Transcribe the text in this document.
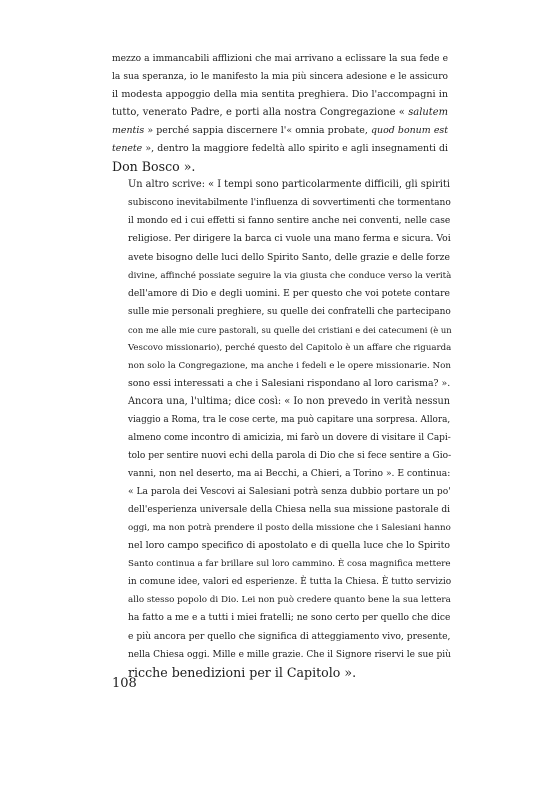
mezzo a immancabili afflizioni che mai arrivano a eclissare la sua fede e
la sua speranza, io le manifesto la mia più sincera adesione e le assicuro
il modesta appoggio della mia sentita preghiera. Dio l'accompagni in
tutto, venerato Padre, e porti alla nostra Congregazione « salutem
mentis » perché sappia discernere l'« omnia probate, quod bonum est
tenete », dentro la maggiore fedeltà allo spirito e agli insegnamenti di
Don Bosco ».

Un altro scrive: « I tempi sono particolarmente difficili, gli spiriti
subiscono inevitabilmente l'influenza di sovvertimenti che tormentano
il mondo ed i cui effetti si fanno sentire anche nei conventi, nelle case
religiose. Per dirigere la barca ci vuole una mano ferma e sicura. Voi
avete bisogno delle luci dello Spirito Santo, delle grazie e delle forze
divine, affinché possiate seguire la via giusta che conduce verso la verità
dell'amore di Dio e degli uomini. E per questo che voi potete contare
sulle mie personali preghiere, su quelle dei confratelli che partecipano
con me alle mie cure pastorali, su quelle dei cristiani e dei catecumeni (è un
Vescovo missionario), perché questo del Capitolo è un affare che riguarda
non solo la Congregazione, ma anche i fedeli e le opere missionarie. Non
sono essi interessati a che i Salesiani rispondano al loro carisma? ».

Ancora una, l'ultima; dice così: « Io non prevedo in verità nessun
viaggio a Roma, tra le cose certe, ma può capitare una sorpresa. Allora,
almeno come incontro di amicizia, mi farò un dovere di visitare il Capi-
tolo per sentire nuovi echi della parola di Dio che si fece sentire a Gio-
vanni, non nel deserto, ma ai Becchi, a Chieri, a Torino ». E continua:
« La parola dei Vescovi ai Salesiani potrà senza dubbio portare un po'
dell'esperienza universale della Chiesa nella sua missione pastorale di
oggi, ma non potrà prendere il posto della missione che i Salesiani hanno
nel loro campo specifico di apostolato e di quella luce che lo Spirito
Santo continua a far brillare sul loro cammino. È cosa magnifica mettere
in comune idee, valori ed esperienze. È tutta la Chiesa. È tutto servizio
allo stesso popolo di Dio. Lei non può credere quanto bene la sua lettera
ha fatto a me e a tutti i miei fratelli; ne sono certo per quello che dice
e più ancora per quello che significa di atteggiamento vivo, presente,
nella Chiesa oggi. Mille e mille grazie. Che il Signore riservi le sue più
ricche benedizioni per il Capitolo ».

108
